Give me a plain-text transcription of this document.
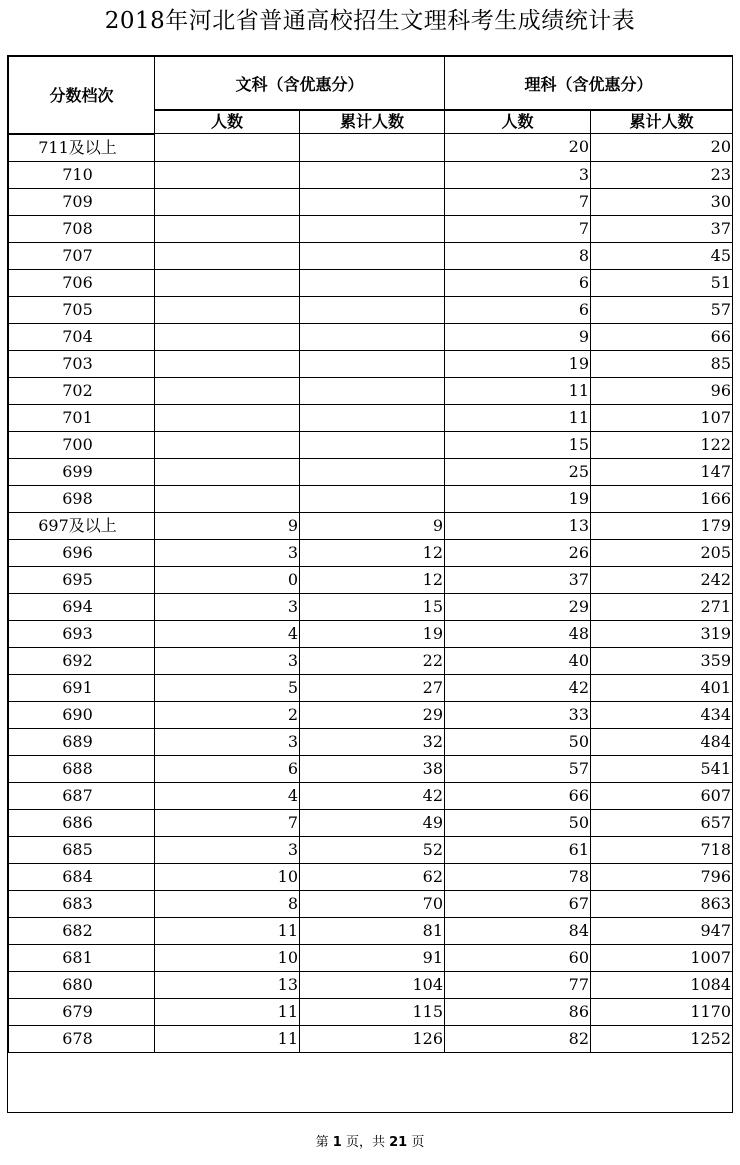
2018年河北省普通高校招生文理科考生成绩统计表
分数档次	文科（含优惠分）		理科（含优惠分）	
	人数	累计人数	人数	累计人数
711及以上			20	20
710			3	23
709			7	30
708			7	37
707			8	45
706			6	51
705			6	57
704			9	66
703			19	85
702			11	96
701			11	107
700			15	122
699			25	147
698			19	166
697及以上	9	9	13	179
696	3	12	26	205
695	0	12	37	242
694	3	15	29	271
693	4	19	48	319
692	3	22	40	359
691	5	27	42	401
690	2	29	33	434
689	3	32	50	484
688	6	38	57	541
687	4	42	66	607
686	7	49	50	657
685	3	52	61	718
684	10	62	78	796
683	8	70	67	863
682	11	81	84	947
681	10	91	60	1007
680	13	104	77	1084
679	11	115	86	1170
678	11	126	82	1252
第 1 页，共 21 页
